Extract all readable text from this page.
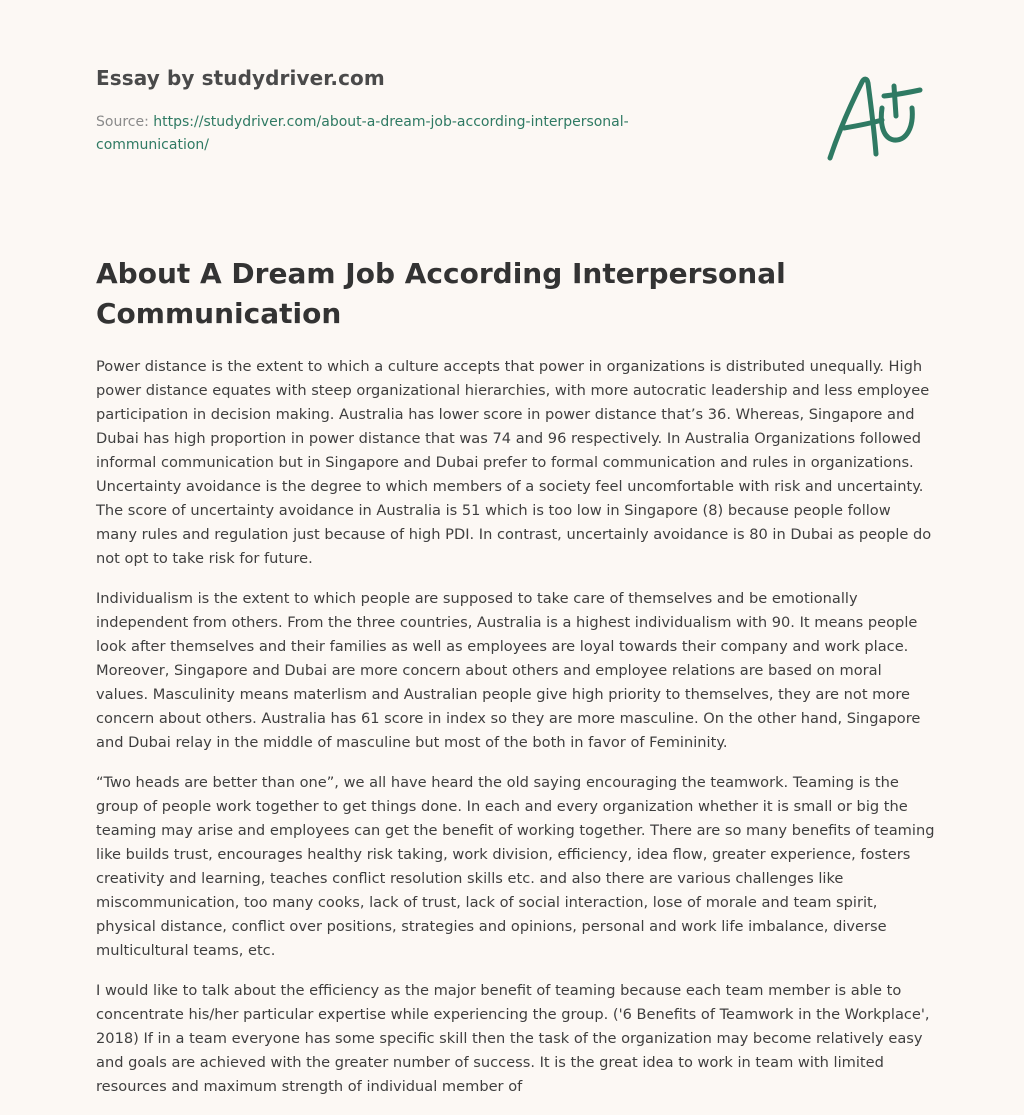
Essay by studydriver.com
Source: https://studydriver.com/about-a-dream-job-according-interpersonal-communication/
About A Dream Job According Interpersonal Communication

Power distance is the extent to which a culture accepts that power in organizations is distributed unequally. High power distance equates with steep organizational hierarchies, with more autocratic leadership and less employee participation in decision making. Australia has lower score in power distance that’s 36. Whereas, Singapore and Dubai has high proportion in power distance that was 74 and 96 respectively. In Australia Organizations followed informal communication but in Singapore and Dubai prefer to formal communication and rules in organizations. Uncertainty avoidance is the degree to which members of a society feel uncomfortable with risk and uncertainty. The score of uncertainty avoidance in Australia is 51 which is too low in Singapore (8) because people follow many rules and regulation just because of high PDI. In contrast, uncertainly avoidance is 80 in Dubai as people do not opt to take risk for future.

Individualism is the extent to which people are supposed to take care of themselves and be emotionally independent from others. From the three countries, Australia is a highest individualism with 90. It means people look after themselves and their families as well as employees are loyal towards their company and work place. Moreover, Singapore and Dubai are more concern about others and employee relations are based on moral values. Masculinity means materlism and Australian people give high priority to themselves, they are not more concern about others. Australia has 61 score in index so they are more masculine. On the other hand, Singapore and Dubai relay in the middle of masculine but most of the both in favor of Femininity.

“Two heads are better than one”, we all have heard the old saying encouraging the teamwork. Teaming is the group of people work together to get things done. In each and every organization whether it is small or big the teaming may arise and employees can get the benefit of working together. There are so many benefits of teaming like builds trust, encourages healthy risk taking, work division, efficiency, idea flow, greater experience, fosters creativity and learning, teaches conflict resolution skills etc. and also there are various challenges like miscommunication, too many cooks, lack of trust, lack of social interaction, lose of morale and team spirit, physical distance, conflict over positions, strategies and opinions, personal and work life imbalance, diverse multicultural teams, etc.

I would like to talk about the efficiency as the major benefit of teaming because each team member is able to concentrate his/her particular expertise while experiencing the group. ('6 Benefits of Teamwork in the Workplace', 2018) If in a team everyone has some specific skill then the task of the organization may become relatively easy and goals are achieved with the greater number of success. It is the great idea to work in team with limited resources and maximum strength of individual member of
